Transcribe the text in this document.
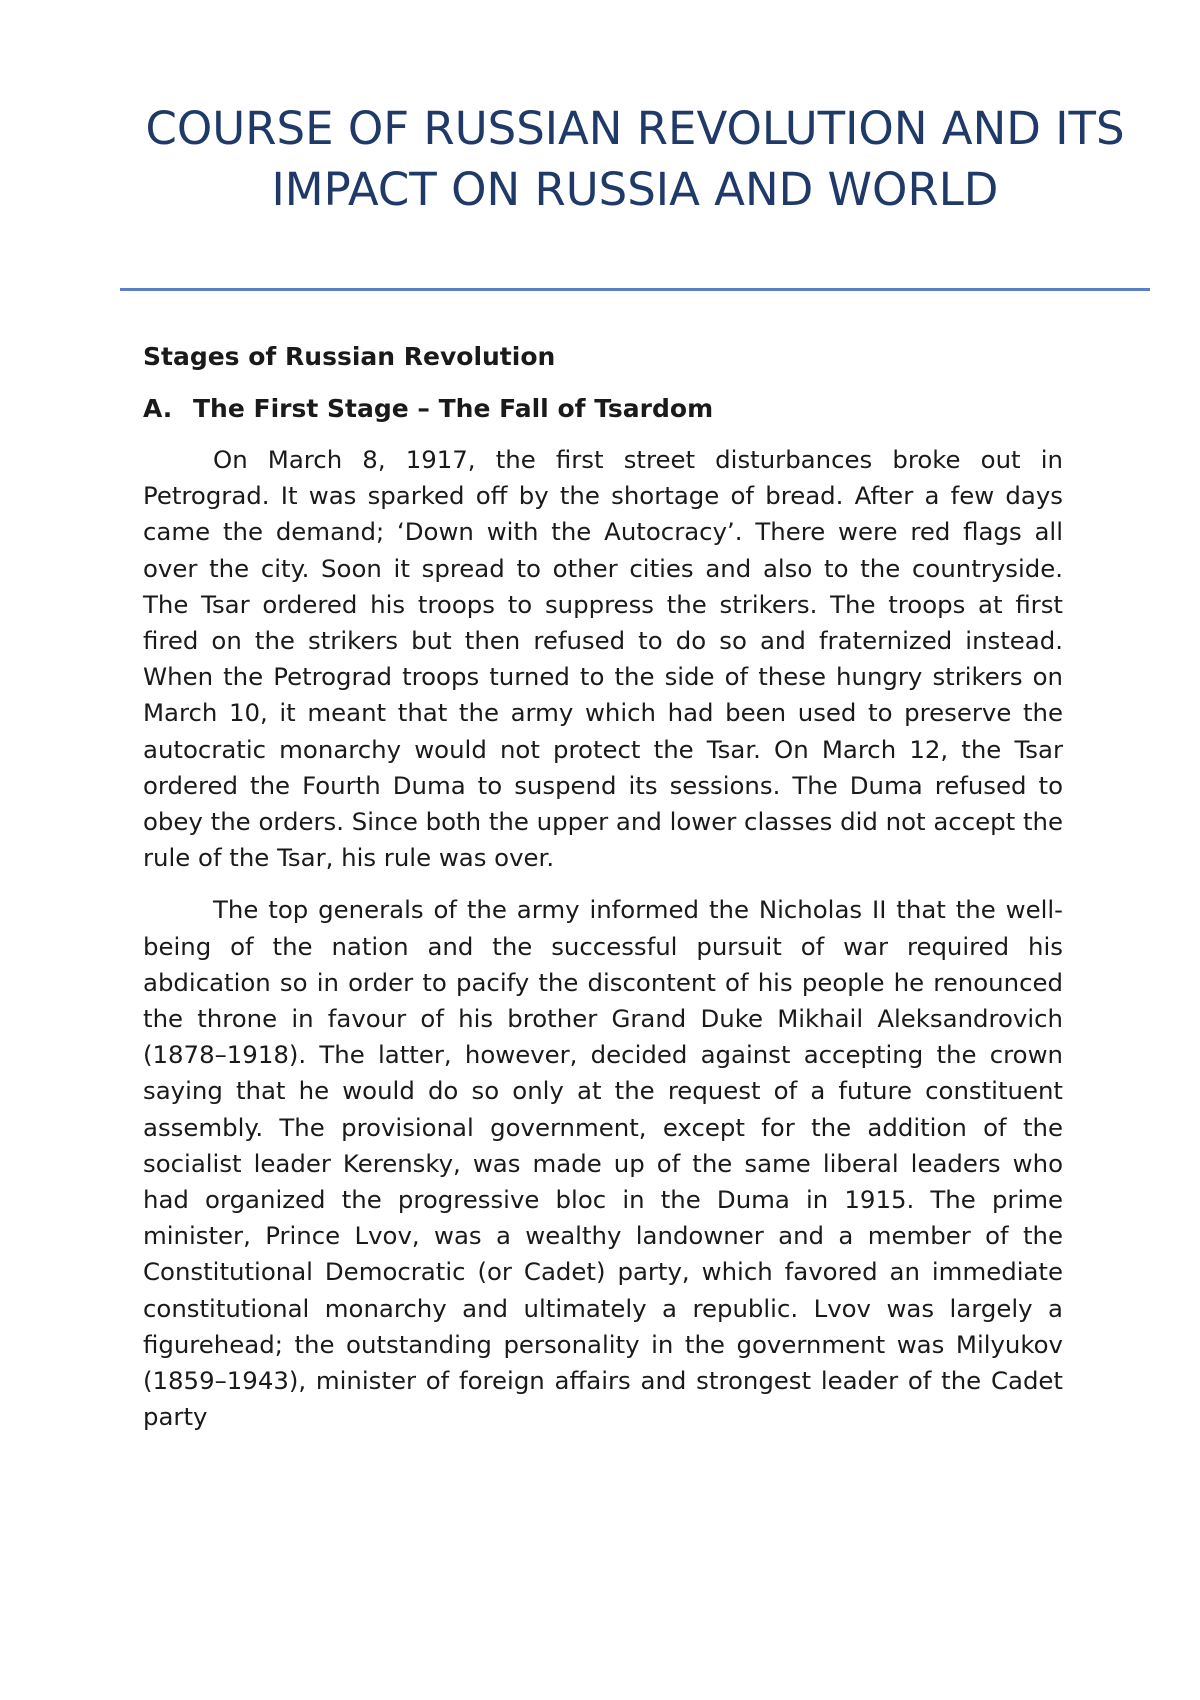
COURSE OF RUSSIAN REVOLUTION AND ITS IMPACT ON RUSSIA AND WORLD
Stages of Russian Revolution
A. The First Stage – The Fall of Tsardom

On March 8, 1917, the first street disturbances broke out in Petrograd. It was sparked off by the shortage of bread. After a few days came the demand; ‘Down with the Autocracy’. There were red flags all over the city. Soon it spread to other cities and also to the countryside. The Tsar ordered his troops to suppress the strikers. The troops at first fired on the strikers but then refused to do so and fraternized instead. When the Petrograd troops turned to the side of these hungry strikers on March 10, it meant that the army which had been used to preserve the autocratic monarchy would not protect the Tsar. On March 12, the Tsar ordered the Fourth Duma to suspend its sessions. The Duma refused to obey the orders. Since both the upper and lower classes did not accept the rule of the Tsar, his rule was over.

The top generals of the army informed the Nicholas II that the well-being of the nation and the successful pursuit of war required his abdication so in order to pacify the discontent of his people he renounced the throne in favour of his brother Grand Duke Mikhail Aleksandrovich (1878–1918). The latter, however, decided against accepting the crown saying that he would do so only at the request of a future constituent assembly. The provisional government, except for the addition of the socialist leader Kerensky, was made up of the same liberal leaders who had organized the progressive bloc in the Duma in 1915. The prime minister, Prince Lvov, was a wealthy landowner and a member of the Constitutional Democratic (or Cadet) party, which favored an immediate constitutional monarchy and ultimately a republic. Lvov was largely a figurehead; the outstanding personality in the government was Milyukov (1859–1943), minister of foreign affairs and strongest leader of the Cadet party
